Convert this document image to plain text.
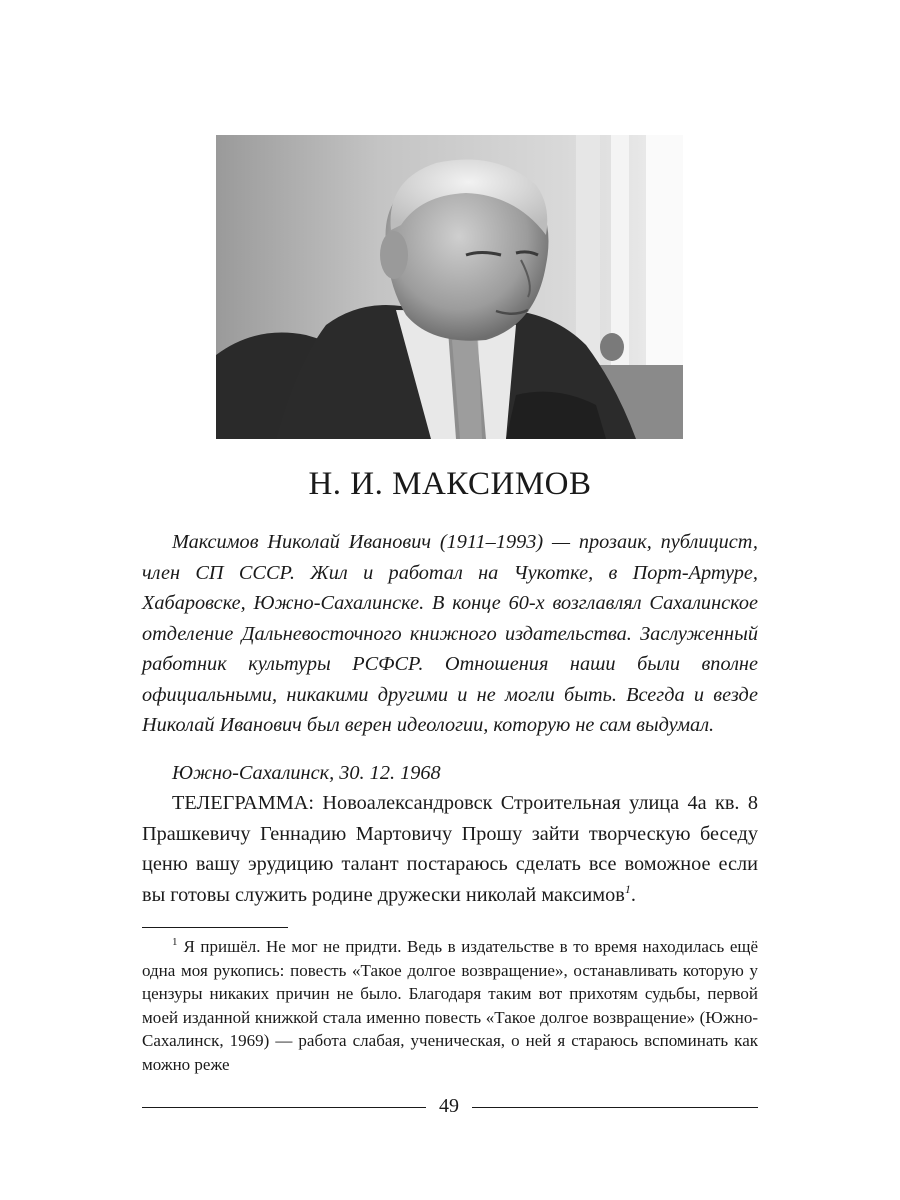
Н. И. МАКСИМОВ

Максимов Николай Иванович (1911–1993) — прозаик, публицист, член СП СССР. Жил и работал на Чукотке, в Порт-Артуре, Хабаровске, Южно-Сахалинске. В конце 60-х возглавлял Сахалинское отделение Дальневосточного книжного издательства. Заслуженный работник культуры РСФСР. Отношения наши были вполне официальными, никакими другими и не могли быть. Всегда и везде Николай Иванович был верен идеологии, которую не сам выдумал.

Южно-Сахалинск, 30. 12. 1968

ТЕЛЕГРАММА: Новоалександровск Строительная улица 4а кв. 8 Прашкевичу Геннадию Мартовичу Прошу зайти творческую беседу ценю вашу эрудицию талант постараюсь сделать все воможное если вы готовы служить родине дружески николай максимов$^1$.

$^1$ Я пришёл. Не мог не придти. Ведь в издательстве в то время находилась ещё одна моя рукопись: повесть «Такое долгое возвращение», останавливать которую у цензуры никаких причин не было. Благодаря таким вот прихотям судьбы, первой моей изданной книжкой стала именно повесть «Такое долгое возвращение» (Южно-Сахалинск, 1969) — работа слабая, ученическая, о ней я стараюсь вспоминать как можно реже

49
